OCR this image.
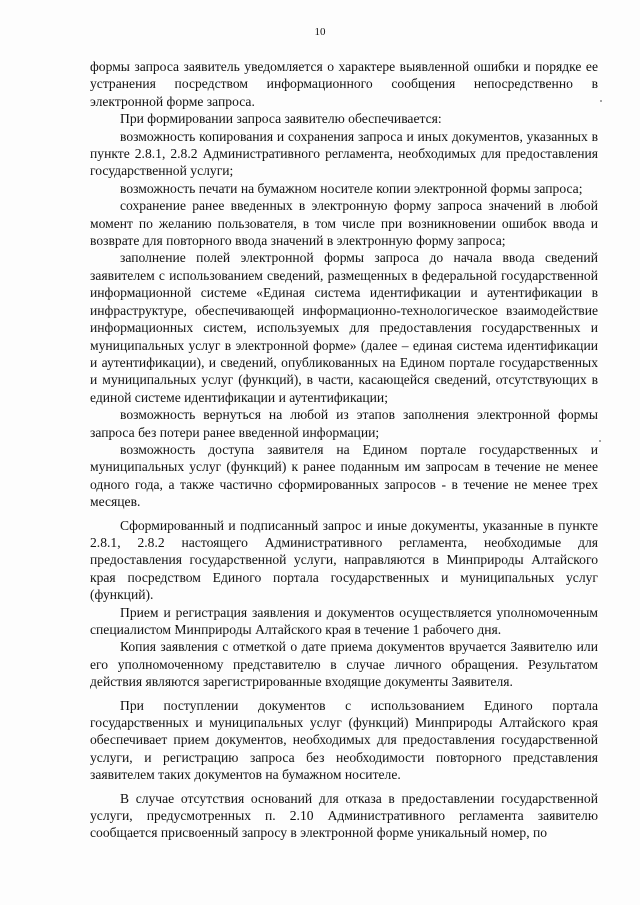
10

формы запроса заявитель уведомляется о характере выявленной ошибки и порядке ее устранения посредством информационного сообщения непосредственно в электронной форме запроса.

При формировании запроса заявителю обеспечивается:

возможность копирования и сохранения запроса и иных документов, указанных в пункте 2.8.1, 2.8.2 Административного регламента, необходимых для предоставления государственной услуги;

возможность печати на бумажном носителе копии электронной формы запроса;

сохранение ранее введенных в электронную форму запроса значений в любой момент по желанию пользователя, в том числе при возникновении ошибок ввода и возврате для повторного ввода значений в электронную форму запроса;

заполнение полей электронной формы запроса до начала ввода сведений заявителем с использованием сведений, размещенных в федеральной государственной информационной системе «Единая система идентификации и аутентификации в инфраструктуре, обеспечивающей информационно-технологическое взаимодействие информационных систем, используемых для предоставления государственных и муниципальных услуг в электронной форме» (далее – единая система идентификации и аутентификации), и сведений, опубликованных на Едином портале государственных и муниципальных услуг (функций), в части, касающейся сведений, отсутствующих в единой системе идентификации и аутентификации;

возможность вернуться на любой из этапов заполнения электронной формы запроса без потери ранее введенной информации;

возможность доступа заявителя на Едином портале государственных и муниципальных услуг (функций) к ранее поданным им запросам в течение не менее одного года, а также частично сформированных запросов - в течение не менее трех месяцев.

Сформированный и подписанный запрос и иные документы, указанные в пункте 2.8.1, 2.8.2 настоящего Административного регламента, необходимые для предоставления государственной услуги, направляются в Минприроды Алтайского края посредством Единого портала государственных и муниципальных услуг (функций).

Прием и регистрация заявления и документов осуществляется уполномоченным специалистом Минприроды Алтайского края в течение 1 рабочего дня.

Копия заявления с отметкой о дате приема документов вручается Заявителю или его уполномоченному представителю в случае личного обращения. Результатом действия являются зарегистрированные входящие документы Заявителя.

При поступлении документов с использованием Единого портала государственных и муниципальных услуг (функций) Минприроды Алтайского края обеспечивает прием документов, необходимых для предоставления государственной услуги, и регистрацию запроса без необходимости повторного представления заявителем таких документов на бумажном носителе.

В случае отсутствия оснований для отказа в предоставлении государственной услуги, предусмотренных п. 2.10 Административного регламента заявителю сообщается присвоенный запросу в электронной форме уникальный номер, по
